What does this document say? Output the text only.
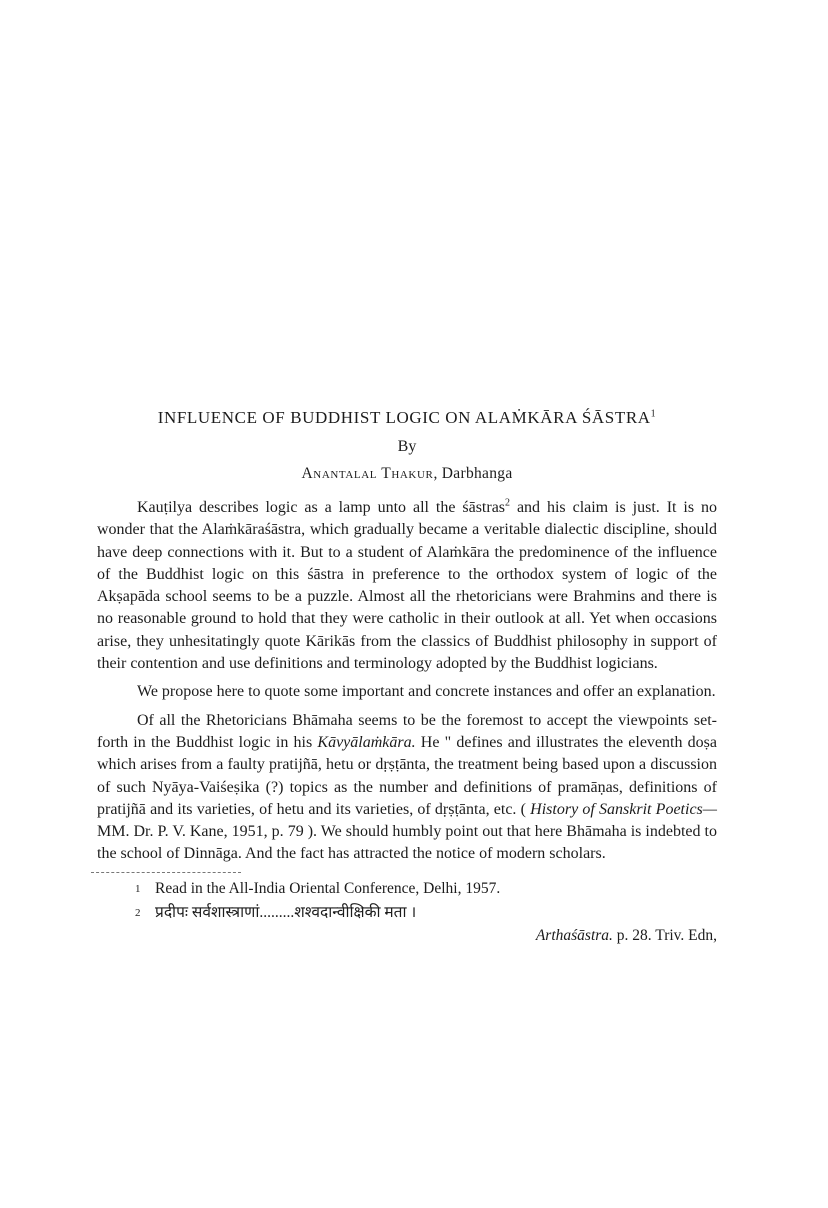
INFLUENCE OF BUDDHIST LOGIC ON ALAṀKĀRA ŚĀSTRA$^1$
By
Anantalal Thakur, Darbhanga

Kauṭilya describes logic as a lamp unto all the śāstras$^2$ and his claim is just. It is no wonder that the Alaṁkāraśāstra, which gradually became a veritable dialectic discipline, should have deep connections with it. But to a student of Alaṁkāra the predominence of the influence of the Buddhist logic on this śāstra in preference to the orthodox system of logic of the Akṣapāda school seems to be a puzzle. Almost all the rhetoricians were Brahmins and there is no reasonable ground to hold that they were catholic in their outlook at all. Yet when occasions arise, they unhesitatingly quote Kārikās from the classics of Buddhist philosophy in support of their contention and use definitions and terminology adopted by the Buddhist logicians.

We propose here to quote some important and concrete instances and offer an explanation.

Of all the Rhetoricians Bhāmaha seems to be the foremost to accept the viewpoints set-forth in the Buddhist logic in his Kāvyālaṁkāra. He " defines and illustrates the eleventh doṣa which arises from a faulty pratijñā, hetu or dṛṣṭānta, the treatment being based upon a discussion of such Nyāya-Vaiśeṣika (?) topics as the number and definitions of pramāṇas, definitions of pratijñā and its varieties, of hetu and its varieties, of dṛṣṭānta, etc. ( History of Sanskrit Poetics— MM. Dr. P. V. Kane, 1951, p. 79 ). We should humbly point out that here Bhāmaha is indebted to the school of Dinnāga. And the fact has attracted the notice of modern scholars.

1 Read in the All-India Oriental Conference, Delhi, 1957.
2 प्रदीपः सर्वशास्त्राणां.........शश्वदान्वीक्षिकी मता ।
Arthaśāstra. p. 28. Triv. Edn,
